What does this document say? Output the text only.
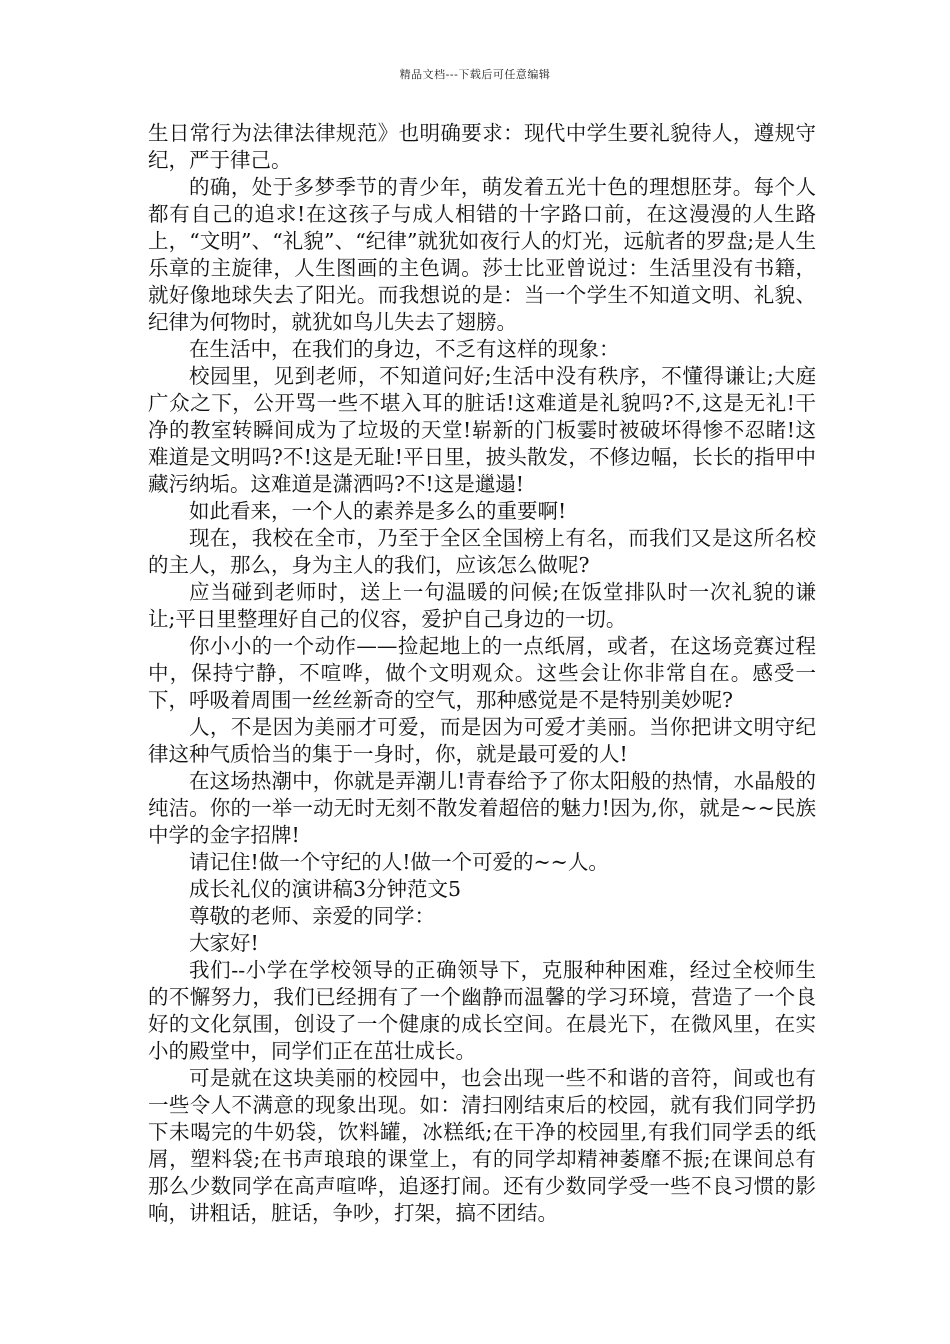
精品文档---下载后可任意编辑

生日常行为法律法律规范》也明确要求：现代中学生要礼貌待人，遵规守纪，严于律己。

的确，处于多梦季节的青少年，萌发着五光十色的理想胚芽。每个人都有自己的追求!在这孩子与成人相错的十字路口前，在这漫漫的人生路上，“文明”、“礼貌”、“纪律”就犹如夜行人的灯光，远航者的罗盘;是人生乐章的主旋律，人生图画的主色调。莎士比亚曾说过：生活里没有书籍，就好像地球失去了阳光。而我想说的是：当一个学生不知道文明、礼貌、纪律为何物时，就犹如鸟儿失去了翅膀。

在生活中，在我们的身边，不乏有这样的现象：

校园里，见到老师，不知道问好;生活中没有秩序，不懂得谦让;大庭广众之下，公开骂一些不堪入耳的脏话!这难道是礼貌吗?不,这是无礼!干净的教室转瞬间成为了垃圾的天堂!崭新的门板霎时被破坏得惨不忍睹!这难道是文明吗?不!这是无耻!平日里，披头散发，不修边幅，长长的指甲中藏污纳垢。这难道是潇洒吗?不!这是邋遢!

如此看来，一个人的素养是多么的重要啊!

现在，我校在全市，乃至于全区全国榜上有名，而我们又是这所名校的主人，那么，身为主人的我们，应该怎么做呢?

应当碰到老师时，送上一句温暖的问候;在饭堂排队时一次礼貌的谦让;平日里整理好自己的仪容，爱护自己身边的一切。

你小小的一个动作——捡起地上的一点纸屑，或者，在这场竞赛过程中，保持宁静，不喧哗，做个文明观众。这些会让你非常自在。感受一下，呼吸着周围一丝丝新奇的空气，那种感觉是不是特别美妙呢?

人，不是因为美丽才可爱，而是因为可爱才美丽。当你把讲文明守纪律这种气质恰当的集于一身时，你，就是最可爱的人!

在这场热潮中，你就是弄潮儿!青春给予了你太阳般的热情，水晶般的纯洁。你的一举一动无时无刻不散发着超倍的魅力!因为,你，就是~~民族中学的金字招牌!

请记住!做一个守纪的人!做一个可爱的~~人。

成长礼仪的演讲稿3分钟范文5

尊敬的老师、亲爱的同学：

大家好!

我们--小学在学校领导的正确领导下，克服种种困难，经过全校师生的不懈努力，我们已经拥有了一个幽静而温馨的学习环境，营造了一个良好的文化氛围，创设了一个健康的成长空间。在晨光下，在微风里，在实小的殿堂中，同学们正在茁壮成长。

可是就在这块美丽的校园中，也会出现一些不和谐的音符，间或也有一些令人不满意的现象出现。如：清扫刚结束后的校园，就有我们同学扔下未喝完的牛奶袋，饮料罐，冰糕纸;在干净的校园里,有我们同学丢的纸屑，塑料袋;在书声琅琅的课堂上，有的同学却精神萎靡不振;在课间总有那么少数同学在高声喧哗，追逐打闹。还有少数同学受一些不良习惯的影响，讲粗话，脏话，争吵，打架，搞不团结。
